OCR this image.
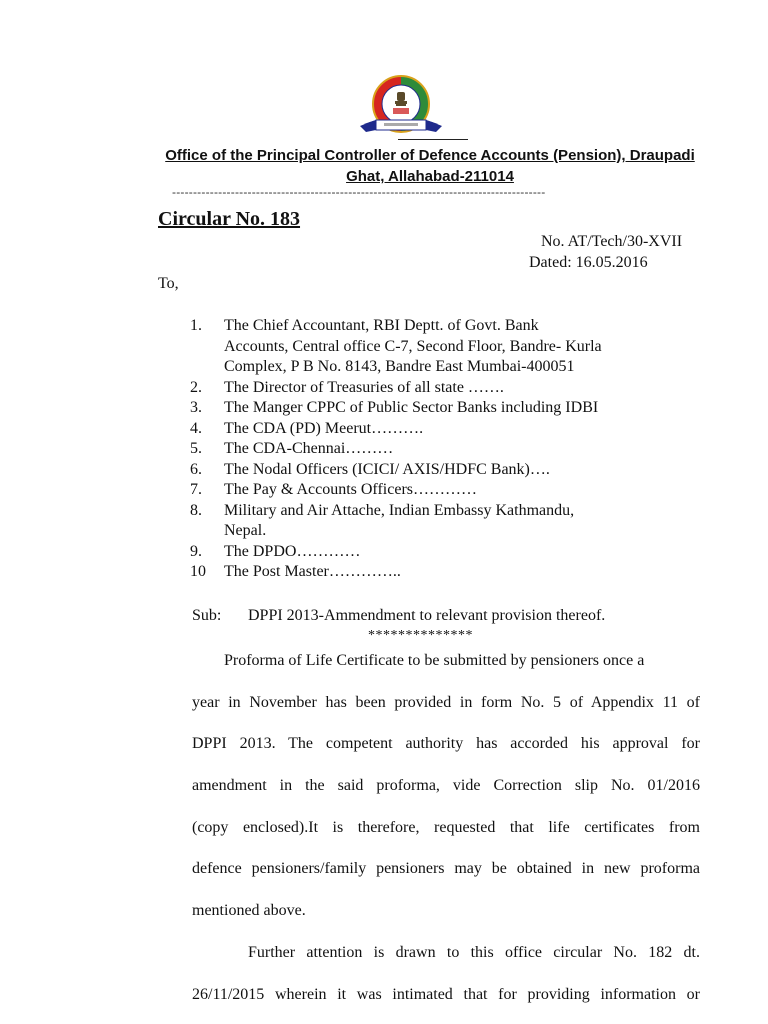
Office of the Principal Controller of Defence Accounts (Pension), Draupadi
Ghat, Allahabad-211014
-----------------------------------------------------------------------------------------
Circular No. 183
No. AT/Tech/30-XVII
Dated: 16.05.2016
To,
1.	The Chief Accountant, RBI Deptt. of Govt. Bank
Accounts, Central office C-7, Second Floor, Bandre- Kurla
Complex, P B No. 8143, Bandre East Mumbai-400051
2.	The Director of Treasuries of all state …….
3.	The Manger CPPC of Public Sector Banks including IDBI
4.	The CDA (PD) Meerut……….
5.	The CDA-Chennai………
6.	The Nodal Officers (ICICI/ AXIS/HDFC Bank)….
7.	The Pay & Accounts Officers…………
8.	Military and Air Attache, Indian Embassy Kathmandu,
Nepal.
9.	The DPDO…………
10	The Post Master…………..
Sub: DPPI 2013-Ammendment to relevant provision thereof.
**************
Proforma of Life Certificate to be submitted by pensioners once a
year in November has been provided in form No. 5 of Appendix 11 of
DPPI 2013. The competent authority has accorded his approval for
amendment in the said proforma, vide Correction slip No. 01/2016
(copy enclosed).It is therefore, requested that life certificates from
defence pensioners/family pensioners may be obtained in new proforma
mentioned above.
Further attention is drawn to this office circular No. 182 dt.
26/11/2015 wherein it was intimated that for providing information or
